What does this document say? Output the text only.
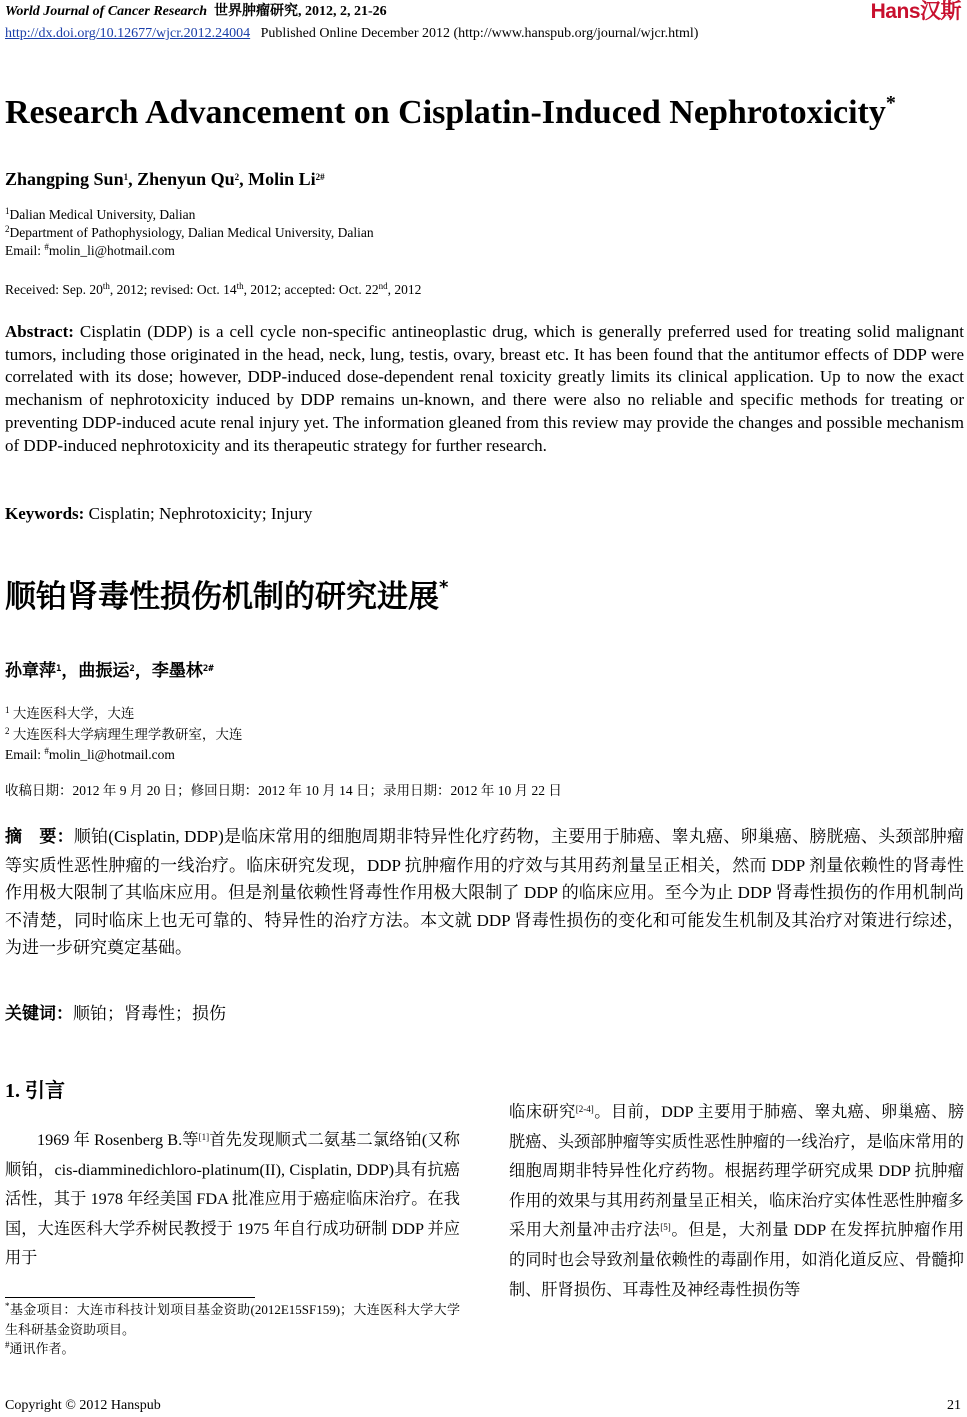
World Journal of Cancer Research 世界肿瘤研究, 2012, 2, 21-26	Hans汉斯
http://dx.doi.org/10.12677/wjcr.2012.24004 Published Online December 2012 (http://www.hanspub.org/journal/wjcr.html)
Research Advancement on Cisplatin-Induced Nephrotoxicity*
Zhangping Sun$^1$, Zhenyun Qu$^2$, Molin $Li^{2\#}$
$^1$Dalian Medical University, Dalian
$^2$Department of Pathophysiology, Dalian Medical University, Dalian
Email: #molin_li@hotmail.com
Received: Sep. 20th, 2012; revised: Oct. 14th, 2012; accepted: Oct. 22nd, 2012
Abstract: Cisplatin (DDP) is a cell cycle non-specific antineoplastic drug, which is generally preferred used for treating solid malignant tumors, including those originated in the head, neck, lung, testis, ovary, breast etc. It has been found that the antitumor effects of DDP were correlated with its dose; however, DDP-induced dose-dependent renal toxicity greatly limits its clinical application. Up to now the exact mechanism of nephrotoxicity induced by DDP remains un-known, and there were also no reliable and specific methods for treating or preventing DDP-induced acute renal injury yet. The information gleaned from this review may provide the changes and possible mechanism of DDP-induced nephrotoxicity and its therapeutic strategy for further research.
Keywords: Cisplatin; Nephrotoxicity; Injury
顺铂肾毒性损伤机制的研究进展*
孙章萍$^1$，曲振运$^2$，李墨林$^{2\#}$
$^1$ 大连医科大学，大连
$^2$ 大连医科大学病理生理学教研室，大连
Email: #molin_li@hotmail.com
收稿日期：2012 年 9 月 20 日；修回日期：2012 年 10 月 14 日；录用日期：2012 年 10 月 22 日
摘　要：顺铂(Cisplatin, DDP)是临床常用的细胞周期非特异性化疗药物，主要用于肺癌、睾丸癌、卵巢癌、膀胱癌、头颈部肿瘤等实质性恶性肿瘤的一线治疗。临床研究发现，DDP 抗肿瘤作用的疗效与其用药剂量呈正相关，然而 DDP 剂量依赖性的肾毒性作用极大限制了其临床应用。但是剂量依赖性肾毒性作用极大限制了 DDP 的临床应用。至今为止 DDP 肾毒性损伤的作用机制尚不清楚，同时临床上也无可靠的、特异性的治疗方法。本文就 DDP 肾毒性损伤的变化和可能发生机制及其治疗对策进行综述，为进一步研究奠定基础。
关键词：顺铂；肾毒性；损伤
1. 引言
1969 年 Rosenberg B.等[1]首先发现顺式二氨基二氯络铂(又称顺铂，cis-diamminedichloro-platinum(II), Cisplatin, DDP)具有抗癌活性，其于 1978 年经美国 FDA 批准应用于癌症临床治疗。在我国，大连医科大学乔树民教授于 1975 年自行成功研制 DDP 并应用于
*基金项目：大连市科技计划项目基金资助(2012E15SF159)；大连医科大学大学生科研基金资助项目。
#通讯作者。
临床研究[2-4]。目前，DDP 主要用于肺癌、睾丸癌、卵巢癌、膀胱癌、头颈部肿瘤等实质性恶性肿瘤的一线治疗，是临床常用的细胞周期非特异性化疗药物。根据药理学研究成果 DDP 抗肿瘤作用的效果与其用药剂量呈正相关，临床治疗实体性恶性肿瘤多采用大剂量冲击疗法[5]。但是，大剂量 DDP 在发挥抗肿瘤作用的同时也会导致剂量依赖性的毒副作用，如消化道反应、骨髓抑制、肝肾损伤、耳毒性及神经毒性损伤等
Copyright © 2012 Hanspub	21
